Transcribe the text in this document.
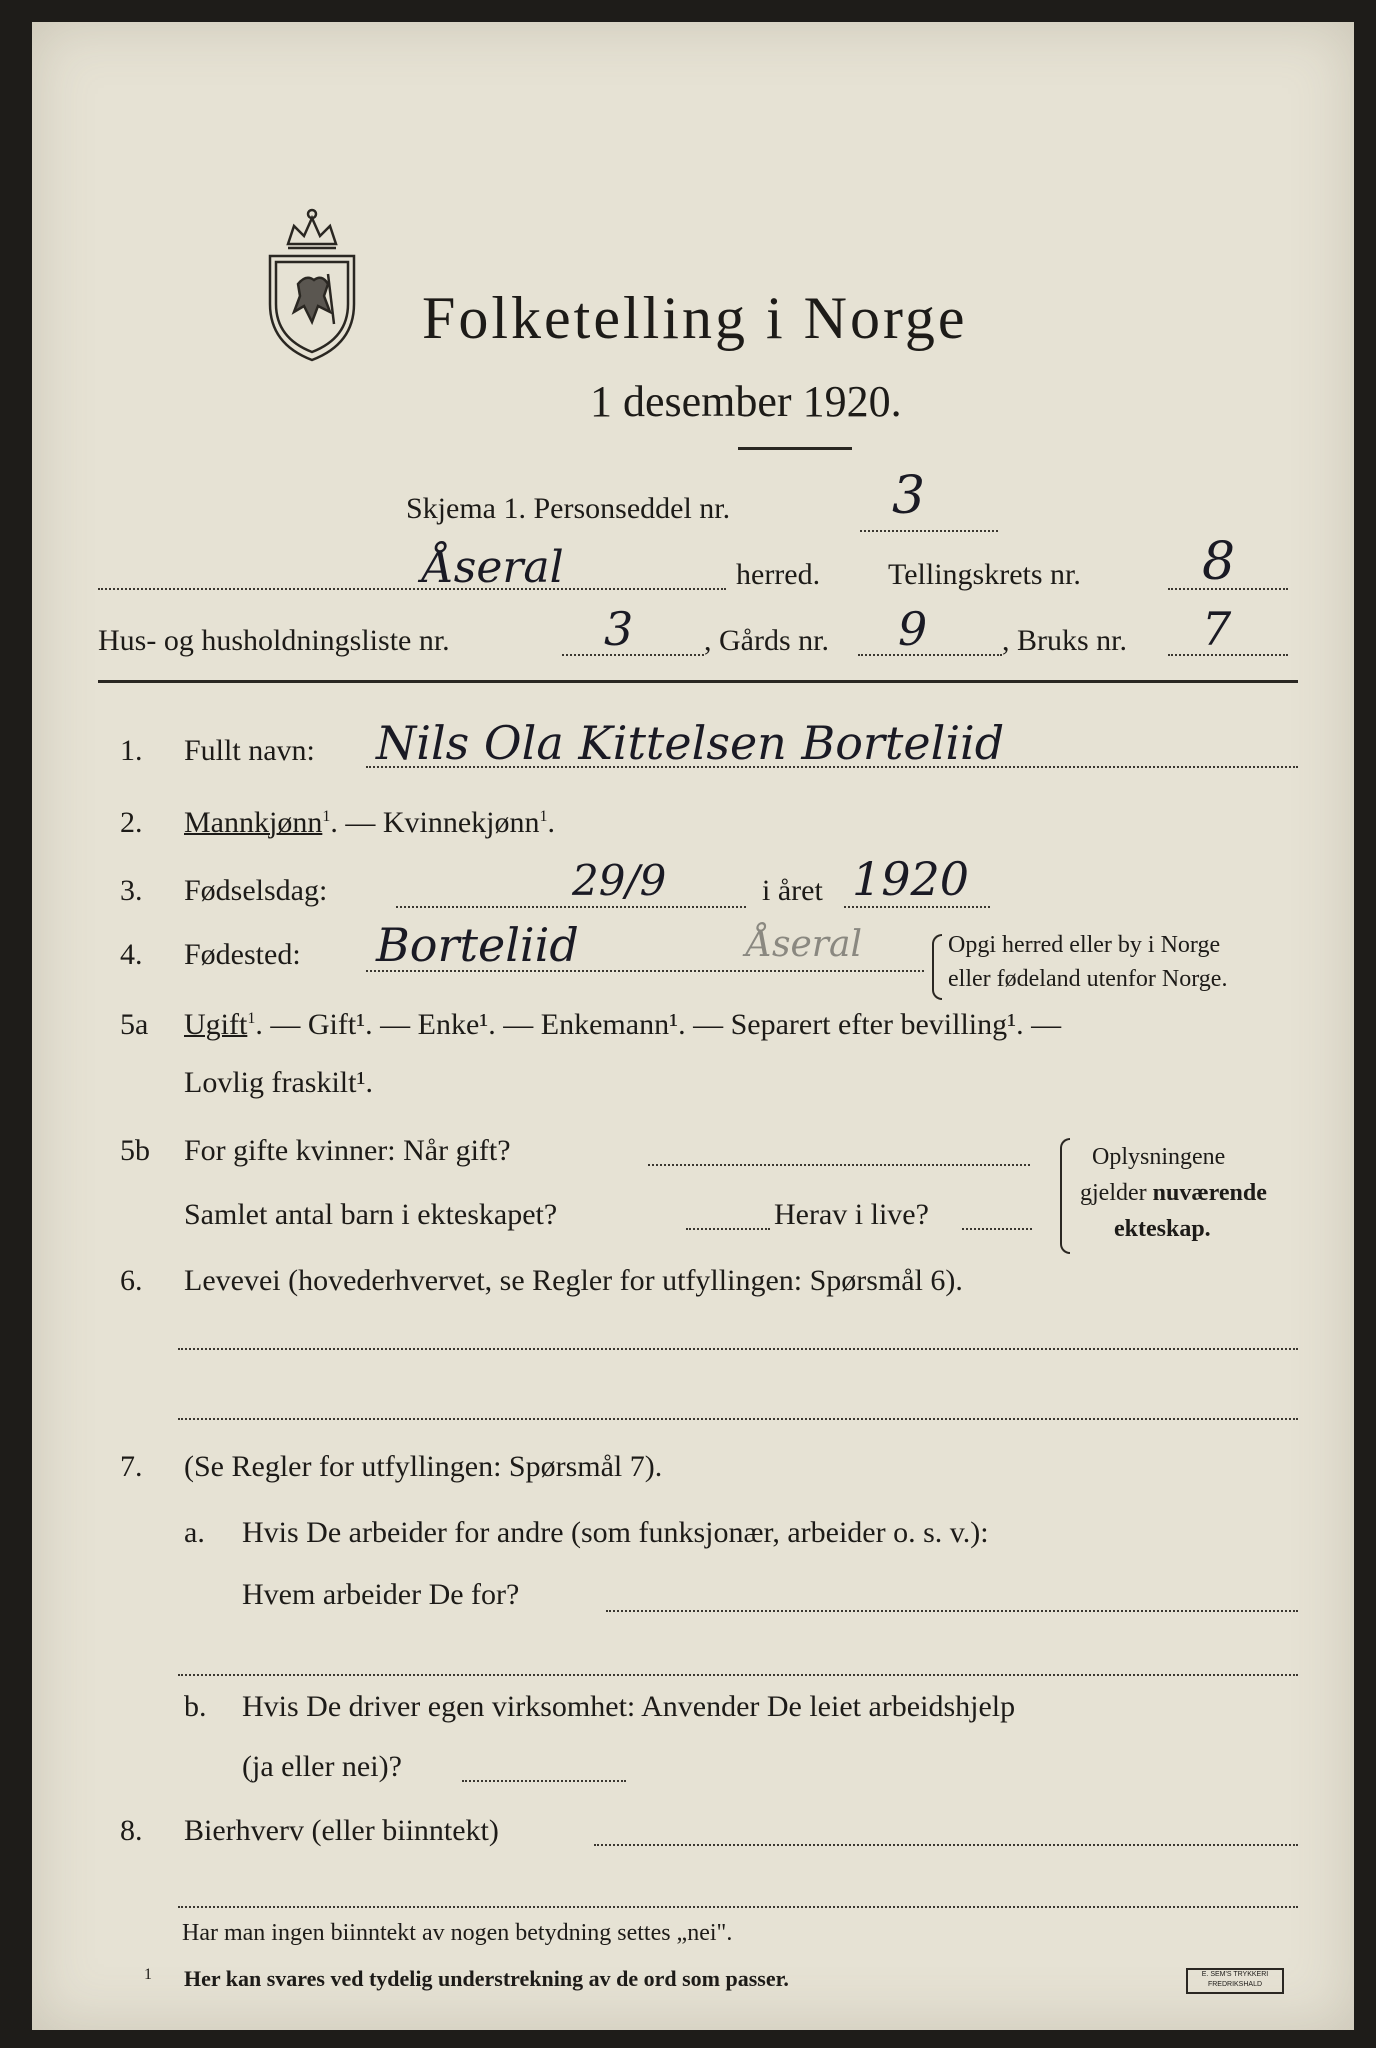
Folketelling i Norge
1 desember 1920.
Skjema 1. Personseddel nr.	3
Åseral	herred. Tellingskrets nr. 8
Hus- og husholdningsliste nr.	3 , Gårds nr. 9 , Bruks nr. 7
1. Fullt navn: Nils Ola Kittelsen Borteliid
2. Mannkjønn$^1$. — Kvinnekjønn$^1$.
3. Fødselsdag:	29/9	i året 1920
4. Fødested: Borteliid	Åseral	Opgi herred eller by i Norge
eller fødeland utenfor Norge.
5a Ugift$^1$. — Gift¹. — Enke¹. — Enkemann¹. — Separert efter bevilling¹. —
Lovlig fraskilt¹.
5b For gifte kvinner: Når gift?
Samlet antal barn i ekteskapet?	Herav i live?
Oplysningene
gjelder nuværende
ekteskap.
6. Levevei (hovederhvervet, se Regler for utfyllingen: Spørsmål 6).
7. (Se Regler for utfyllingen: Spørsmål 7).
a. Hvis De arbeider for andre (som funksjonær, arbeider o. s. v.):
Hvem arbeider De for?
b. Hvis De driver egen virksomhet: Anvender De leiet arbeidshjelp
(ja eller nei)?
8. Bierhverv (eller biinntekt)
Har man ingen biinntekt av nogen betydning settes „nei".
1 Her kan svares ved tydelig understrekning av de ord som passer.	E. SEM'S TRYKKERI FREDRIKSHALD
